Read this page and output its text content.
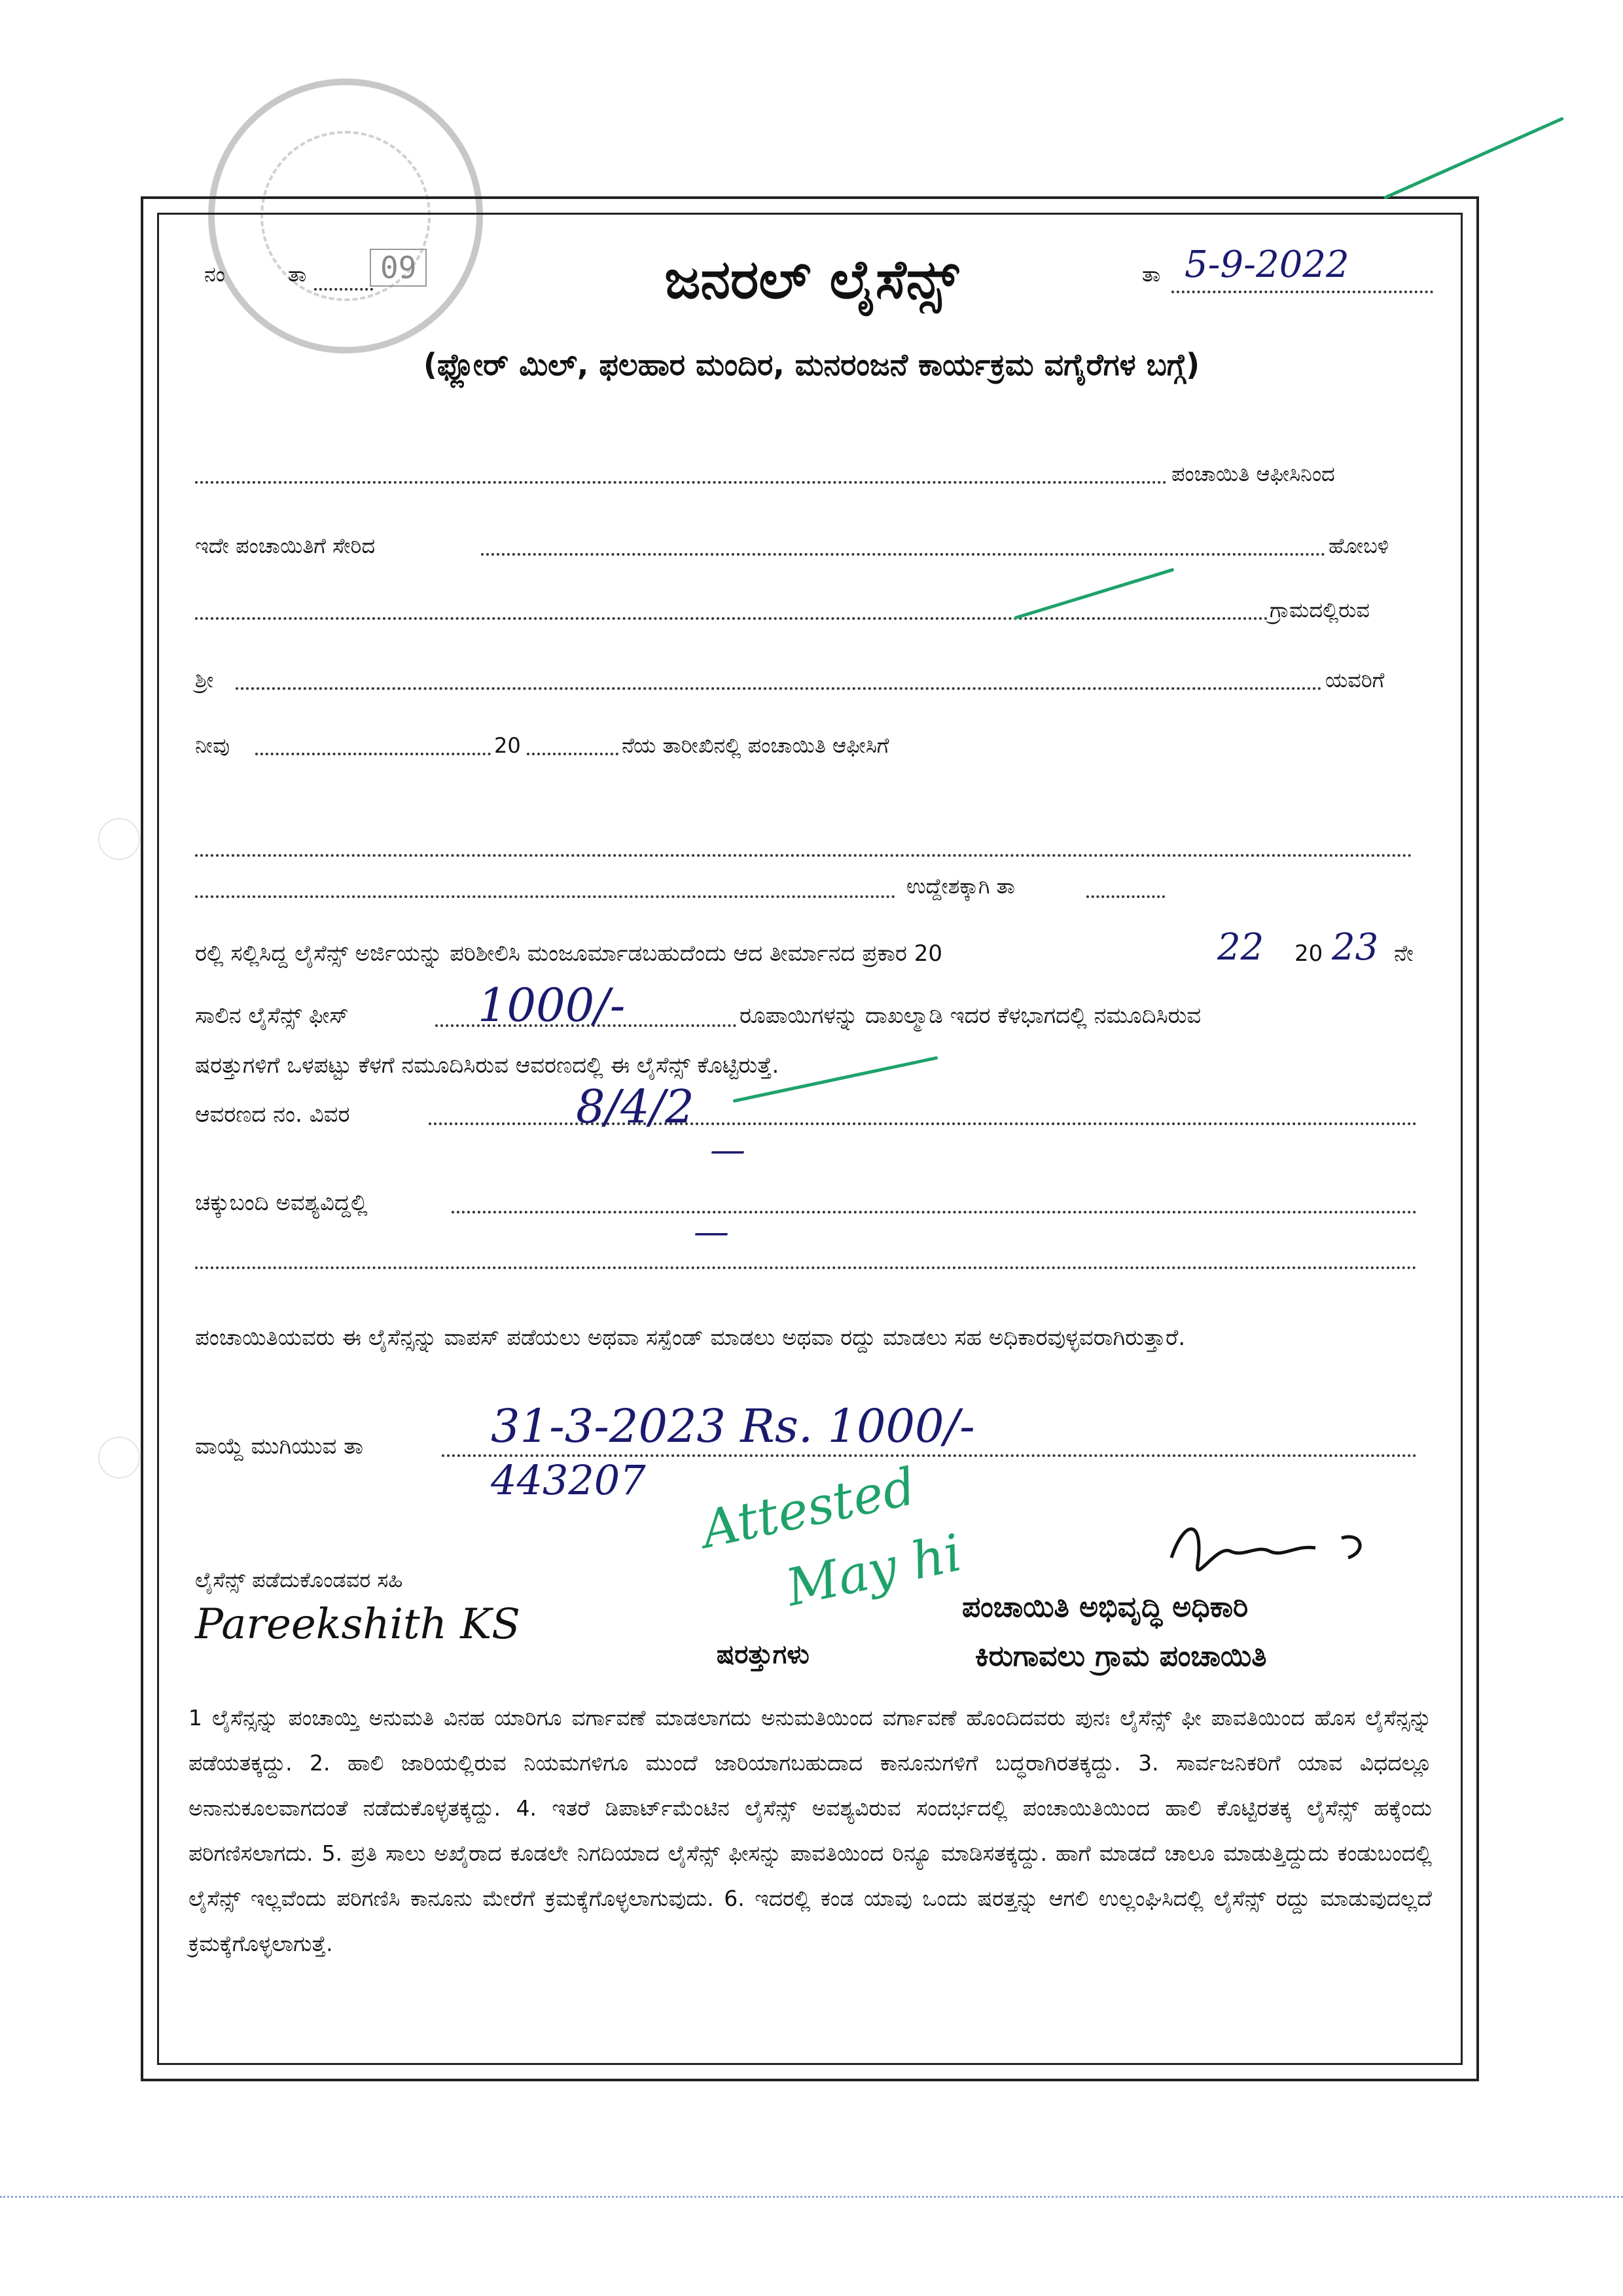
ನಂ	ತಾ	09	ತಾ 5-9-2022
ಜನರಲ್ ಲೈಸೆನ್ಸ್
(ಫ್ಲೋರ್ ಮಿಲ್, ಫಲಹಾರ ಮಂದಿರ, ಮನರಂಜನೆ ಕಾರ್ಯಕ್ರಮ ವಗೈರೆಗಳ ಬಗ್ಗೆ)
ಪಂಚಾಯಿತಿ ಆಫೀಸಿನಿಂದ
ಇದೇ ಪಂಚಾಯಿತಿಗೆ ಸೇರಿದ	ಹೋಬಳಿ
ಗ್ರಾಮದಲ್ಲಿರುವ
ಶ್ರೀ	ಯವರಿಗೆ
ನೀವು	20	ನೆಯ ತಾರೀಖಿನಲ್ಲಿ ಪಂಚಾಯಿತಿ ಆಫೀಸಿಗೆ
ಉದ್ದೇಶಕ್ಕಾಗಿ ತಾ
ರಲ್ಲಿ ಸಲ್ಲಿಸಿದ್ದ ಲೈಸೆನ್ಸ್ ಅರ್ಜಿಯನ್ನು ಪರಿಶೀಲಿಸಿ ಮಂಜೂರ್ಮಾಡಬಹುದೆಂದು ಆದ ತೀರ್ಮಾನದ ಪ್ರಕಾರ 20	22 20 23 ನೇ
ಸಾಲಿನ ಲೈಸೆನ್ಸ್ ಫೀಸ್	1000/-	ರೂಪಾಯಿಗಳನ್ನು ದಾಖಲ್ಮಾಡಿ ಇದರ ಕೆಳಭಾಗದಲ್ಲಿ ನಮೂದಿಸಿರುವ
ಷರತ್ತುಗಳಿಗೆ ಒಳಪಟ್ಟು ಕೆಳಗೆ ನಮೂದಿಸಿರುವ ಆವರಣದಲ್ಲಿ ಈ ಲೈಸೆನ್ಸ್ ಕೊಟ್ಟಿರುತ್ತೆ.
ಆವರಣದ ನಂ. ವಿವರ	8/4/2
—
ಚಕ್ಕುಬಂದಿ ಅವಶ್ಯವಿದ್ದಲ್ಲಿ
—
ಪಂಚಾಯಿತಿಯವರು ಈ ಲೈಸೆನ್ಸನ್ನು ವಾಪಸ್ ಪಡೆಯಲು ಅಥವಾ ಸಸ್ಪೆಂಡ್ ಮಾಡಲು ಅಥವಾ ರದ್ದು ಮಾಡಲು ಸಹ ಅಧಿಕಾರವುಳ್ಳವರಾಗಿರುತ್ತಾರೆ.
ವಾಯ್ದೆ ಮುಗಿಯುವ ತಾ	31-3-2023 Rs. 1000/-
443207 Attested
May hi
ಲೈಸೆನ್ಸ್ ಪಡೆದುಕೊಂಡವರ ಸಹಿ
Pareekshith KS	ಪಂಚಾಯಿತಿ ಅಭಿವೃದ್ಧಿ ಅಧಿಕಾರಿ
ಕಿರುಗಾವಲು ಗ್ರಾಮ ಪಂಚಾಯಿತಿ
ಷರತ್ತುಗಳು
1 ಲೈಸೆನ್ಸನ್ನು ಪಂಚಾಯ್ತಿ ಅನುಮತಿ ವಿನಹ ಯಾರಿಗೂ ವರ್ಗಾವಣೆ ಮಾಡಲಾಗದು ಅನುಮತಿಯಿಂದ ವರ್ಗಾವಣೆ ಹೊಂದಿದವರು ಪುನಃ ಲೈಸೆನ್ಸ್ ಫೀ ಪಾವತಿಯಿಂದ ಹೊಸ ಲೈಸೆನ್ಸನ್ನು ಪಡೆಯತಕ್ಕದ್ದು. 2. ಹಾಲಿ ಜಾರಿಯಲ್ಲಿರುವ ನಿಯಮಗಳಿಗೂ ಮುಂದೆ ಜಾರಿಯಾಗಬಹುದಾದ ಕಾನೂನುಗಳಿಗೆ ಬದ್ಧರಾಗಿರತಕ್ಕದ್ದು. 3. ಸಾರ್ವಜನಿಕರಿಗೆ ಯಾವ ವಿಧದಲ್ಲೂ ಅನಾನುಕೂಲವಾಗದಂತೆ ನಡೆದುಕೊಳ್ಳತಕ್ಕದ್ದು. 4. ಇತರೆ ಡಿಪಾರ್ಟ್‌ಮೆಂಟಿನ ಲೈಸೆನ್ಸ್ ಅವಶ್ಯವಿರುವ ಸಂದರ್ಭದಲ್ಲಿ ಪಂಚಾಯಿತಿಯಿಂದ ಹಾಲಿ ಕೊಟ್ಟಿರತಕ್ಕ ಲೈಸೆನ್ಸ್ ಹಕ್ಕೆಂದು ಪರಿಗಣಿಸಲಾಗದು. 5. ಪ್ರತಿ ಸಾಲು ಅಖೈರಾದ ಕೂಡಲೇ ನಿಗದಿಯಾದ ಲೈಸೆನ್ಸ್ ಫೀಸನ್ನು ಪಾವತಿಯಿಂದ ರಿನ್ಯೂ ಮಾಡಿಸತಕ್ಕದ್ದು. ಹಾಗೆ ಮಾಡದೆ ಚಾಲೂ ಮಾಡುತ್ತಿದ್ದುದು ಕಂಡುಬಂದಲ್ಲಿ ಲೈಸೆನ್ಸ್ ಇಲ್ಲವೆಂದು ಪರಿಗಣಿಸಿ ಕಾನೂನು ಮೇರೆಗೆ ಕ್ರಮಕ್ಕೆಗೊಳ್ಳಲಾಗುವುದು. 6. ಇದರಲ್ಲಿ ಕಂಡ ಯಾವು ಒಂದು ಷರತ್ತನ್ನು ಆಗಲಿ ಉಲ್ಲಂಘಿಸಿದಲ್ಲಿ ಲೈಸೆನ್ಸ್ ರದ್ದು ಮಾಡುವುದಲ್ಲದೆ ಕ್ರಮಕ್ಕೆಗೊಳ್ಳಲಾಗುತ್ತೆ.
